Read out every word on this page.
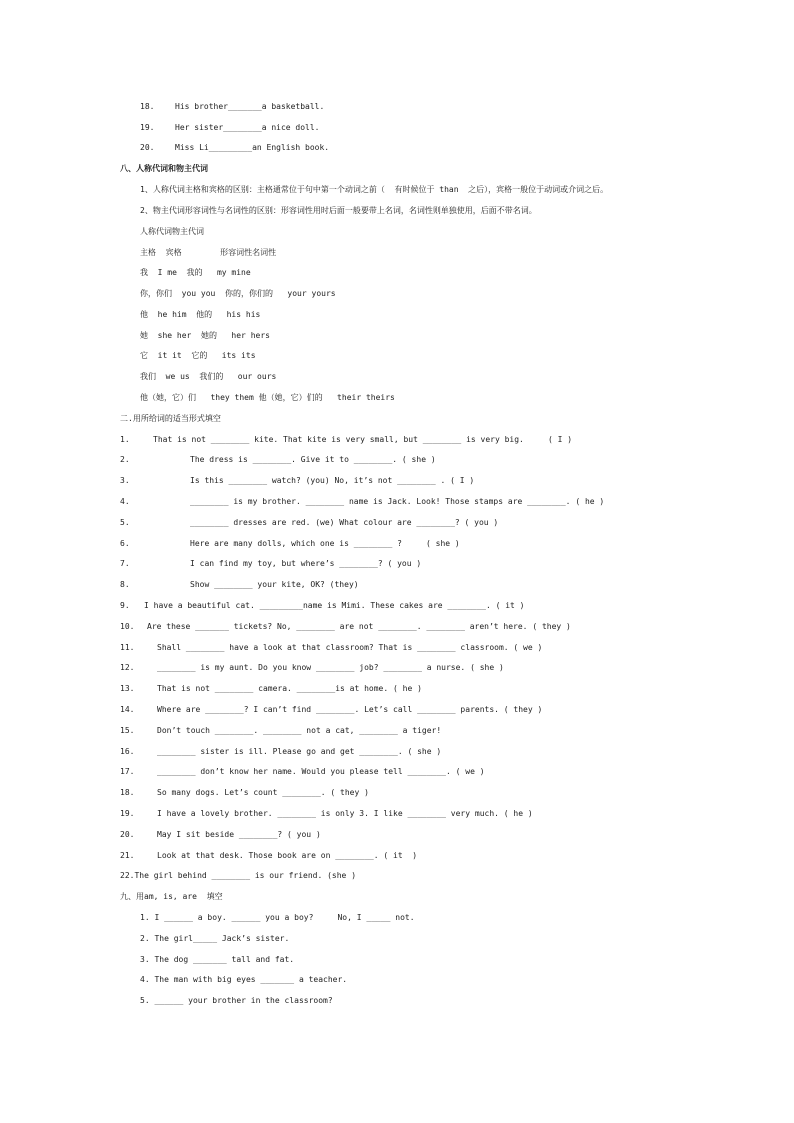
18.	His brother_______a basketball.
19.	Her sister________a nice doll.
20.	Miss Li_________an English book.
八、人称代词和物主代词
1、人称代词主格和宾格的区别：主格通常位于句中第一个动词之前（  有时候位于 than  之后），宾格一般位于动词或介词之后。
2、物主代词形容词性与名词性的区别：形容词性用时后面一般要带上名词，名词性则单独使用，后面不带名词。
人称代词物主代词
主格  宾格        形容词性名词性
我  I me  我的   my mine
你，你们  you you  你的，你们的   your yours
他  he him  他的   his his
她  she her  她的   her hers
它  it it  它的   its its
我们  we us  我们的   our ours
他（她，它）们   they them 他（她，它）们的   their theirs
二.用所给词的适当形式填空
1.	That is not ________ kite. That kite is very small, but ________ is very big.     ( I )
2.	The dress is ________. Give it to ________. ( she )
3.	Is this ________ watch? (you) No, it’s not ________ . ( I )
4.	________ is my brother. ________ name is Jack. Look! Those stamps are ________. ( he )
5.	________ dresses are red. (we) What colour are ________? ( you )
6.	Here are many dolls, which one is ________ ?     ( she )
7.	I can find my toy, but where’s ________? ( you )
8.	Show ________ your kite, OK? (they)
9. I have a beautiful cat. _________name is Mimi. These cakes are ________. ( it )
10. Are these _______ tickets? No, ________ are not ________. ________ aren’t here. ( they )
11.	Shall ________ have a look at that classroom? That is ________ classroom. ( we )
12.	________ is my aunt. Do you know ________ job? ________ a nurse. ( she )
13.	That is not ________ camera. ________is at home. ( he )
14.	Where are ________? I can’t find ________. Let’s call ________ parents. ( they )
15.	Don’t touch ________. ________ not a cat, ________ a tiger!
16.	________ sister is ill. Please go and get ________. ( she )
17.	________ don’t know her name. Would you please tell ________. ( we )
18.	So many dogs. Let’s count ________. ( they )
19.	I have a lovely brother. ________ is only 3. I like ________ very much. ( he )
20.	May I sit beside ________? ( you )
21.	Look at that desk. Those book are on ________. ( it  )
22.The girl behind ________ is our friend. (she )
九、用am, is, are  填空
1. I ______ a boy. ______ you a boy?     No, I _____ not.
2. The girl_____ Jack’s sister.
3. The dog _______ tall and fat.
4. The man with big eyes _______ a teacher.
5. ______ your brother in the classroom?
